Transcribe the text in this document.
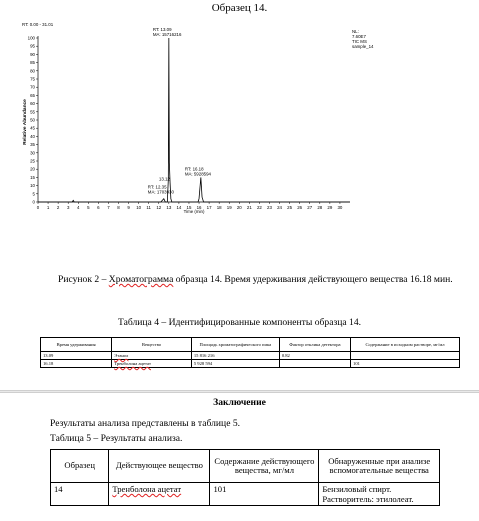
Образец 14.
RT: 0.00 - 31.01
NL:
7.60E7
TIC MS
sample_14
0
5
10
15
20
25
30
35
40
45
50
55
60
65
70
75
80
85
90
95
100
0 1 2 3 4 5 6 7 8 9 10 11 12 13 14 15 16 17 18 19 20 21 22 23 24 25 26 27 28 29 30
RT: 13.09
MA: 15716216
RT: 12.35
MA: 1703930
13.12
RT: 16.18
MA: 5928594
Relative Abundance
Time (min)
Рисунок 2 – Хроматограмма образца 14. Время удерживания действующего вещества 16.18 мин.
Таблица 4 – Идентифицированные компоненты образца 14.
Время удерживания	Вещество	Площадь хроматографического пика	Фактор отклика детектора	Содержание в исходном растворе, мг/мл
13.09	Этанол	15 816 216	0.82	
16.18	Тренболона ацетат	5 928 594		101
Заключение
Результаты анализа представлены в таблице 5.
Таблица 5 – Результаты анализа.
Образец	Действующее вещество	Содержание действующего вещества, мг/мл	Обнаруженные при анализе вспомогательные вещества
14	Тренболона ацетат	101	Бензиловый спирт.
Растворитель: этилолеат.
